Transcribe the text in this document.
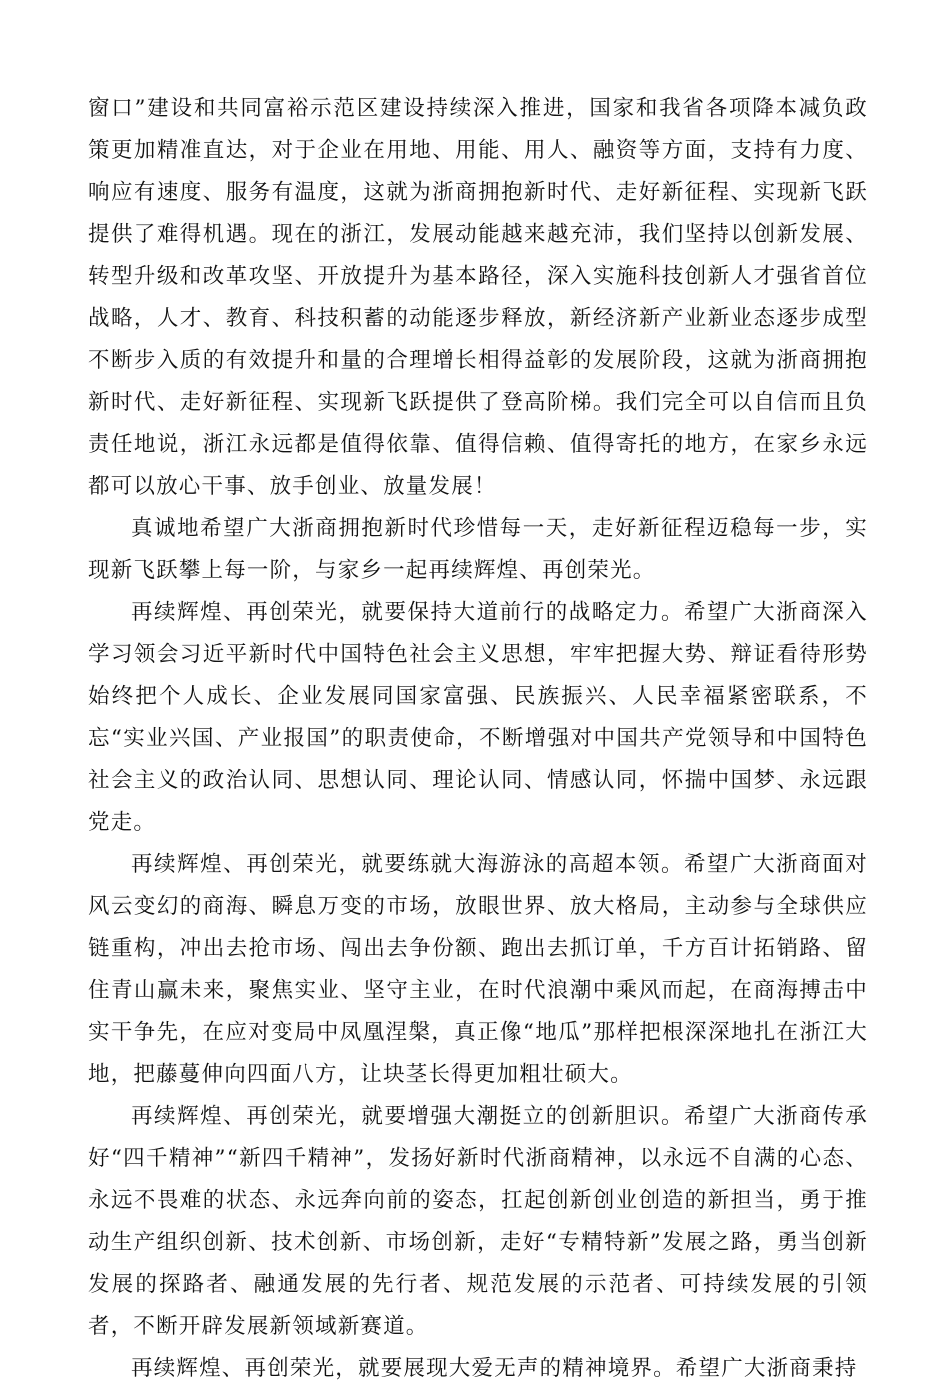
窗口”建设和共同富裕示范区建设持续深入推进，国家和我省各项降本减负政策更加精准直达，对于企业在用地、用能、用人、融资等方面，支持有力度、响应有速度、服务有温度，这就为浙商拥抱新时代、走好新征程、实现新飞跃提供了难得机遇。现在的浙江，发展动能越来越充沛，我们坚持以创新发展、转型升级和改革攻坚、开放提升为基本路径，深入实施科技创新人才强省首位战略，人才、教育、科技积蓄的动能逐步释放，新经济新产业新业态逐步成型不断步入质的有效提升和量的合理增长相得益彰的发展阶段，这就为浙商拥抱新时代、走好新征程、实现新飞跃提供了登高阶梯。我们完全可以自信而且负责任地说，浙江永远都是值得依靠、值得信赖、值得寄托的地方，在家乡永远都可以放心干事、放手创业、放量发展！

真诚地希望广大浙商拥抱新时代珍惜每一天，走好新征程迈稳每一步，实现新飞跃攀上每一阶，与家乡一起再续辉煌、再创荣光。

再续辉煌、再创荣光，就要保持大道前行的战略定力。希望广大浙商深入学习领会习近平新时代中国特色社会主义思想，牢牢把握大势、辩证看待形势始终把个人成长、企业发展同国家富强、民族振兴、人民幸福紧密联系，不忘“实业兴国、产业报国”的职责使命，不断增强对中国共产党领导和中国特色社会主义的政治认同、思想认同、理论认同、情感认同，怀揣中国梦、永远跟党走。

再续辉煌、再创荣光，就要练就大海游泳的高超本领。希望广大浙商面对风云变幻的商海、瞬息万变的市场，放眼世界、放大格局，主动参与全球供应链重构，冲出去抢市场、闯出去争份额、跑出去抓订单，千方百计拓销路、留住青山赢未来，聚焦实业、坚守主业，在时代浪潮中乘风而起，在商海搏击中实干争先，在应对变局中凤凰涅槃，真正像“地瓜”那样把根深深地扎在浙江大地，把藤蔓伸向四面八方，让块茎长得更加粗壮硕大。

再续辉煌、再创荣光，就要增强大潮挺立的创新胆识。希望广大浙商传承好“四千精神”“新四千精神”，发扬好新时代浙商精神，以永远不自满的心态、永远不畏难的状态、永远奔向前的姿态，扛起创新创业创造的新担当，勇于推动生产组织创新、技术创新、市场创新，走好“专精特新”发展之路，勇当创新发展的探路者、融通发展的先行者、规范发展的示范者、可持续发展的引领者，不断开辟发展新领域新赛道。

再续辉煌、再创荣光，就要展现大爱无声的精神境界。希望广大浙商秉持
